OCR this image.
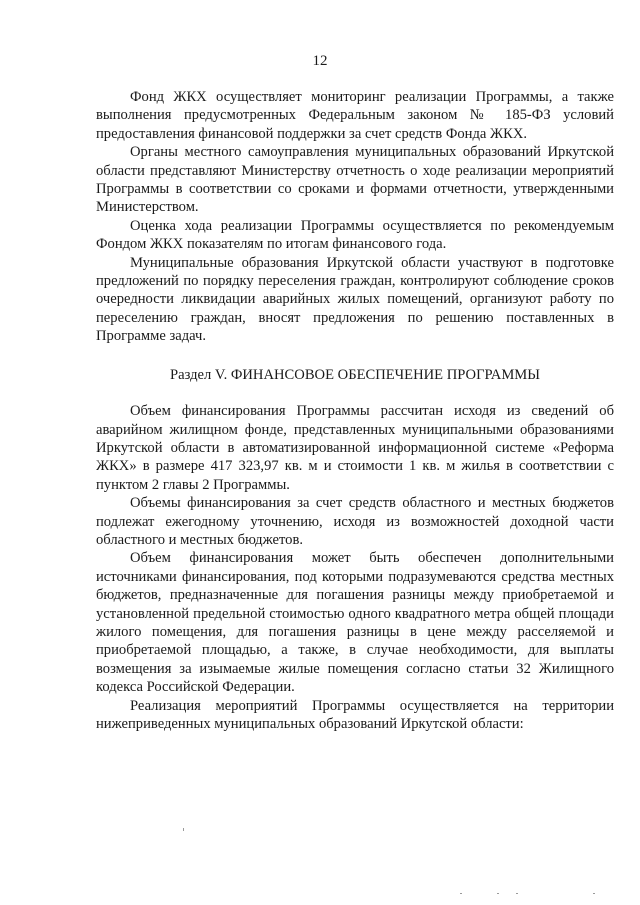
12

Фонд ЖКХ осуществляет мониторинг реализации Программы, а также выполнения предусмотренных Федеральным законом № 185-ФЗ условий предоставления финансовой поддержки за счет средств Фонда ЖКХ.

Органы местного самоуправления муниципальных образований Иркутской области представляют Министерству отчетность о ходе реализации мероприятий Программы в соответствии со сроками и формами отчетности, утвержденными Министерством.

Оценка хода реализации Программы осуществляется по рекомендуемым Фондом ЖКХ показателям по итогам финансового года.

Муниципальные образования Иркутской области участвуют в подготовке предложений по порядку переселения граждан, контролируют соблюдение сроков очередности ликвидации аварийных жилых помещений, организуют работу по переселению граждан, вносят предложения по решению поставленных в Программе задач.

Раздел V. ФИНАНСОВОЕ ОБЕСПЕЧЕНИЕ ПРОГРАММЫ

Объем финансирования Программы рассчитан исходя из сведений об аварийном жилищном фонде, представленных муниципальными образованиями Иркутской области в автоматизированной информационной системе «Реформа ЖКХ» в размере 417 323,97 кв. м и стоимости 1 кв. м жилья в соответствии с пунктом 2 главы 2 Программы.

Объемы финансирования за счет средств областного и местных бюджетов подлежат ежегодному уточнению, исходя из возможностей доходной части областного и местных бюджетов.

Объем финансирования может быть обеспечен дополнительными источниками финансирования, под которыми подразумеваются средства местных бюджетов, предназначенные для погашения разницы между приобретаемой и установленной предельной стоимостью одного квадратного метра общей площади жилого помещения, для погашения разницы в цене между расселяемой и приобретаемой площадью, а также, в случае необходимости, для выплаты возмещения за изымаемые жилые помещения согласно статьи 32 Жилищного кодекса Российской Федерации.

Реализация мероприятий Программы осуществляется на территории нижеприведенных муниципальных образований Иркутской области:
